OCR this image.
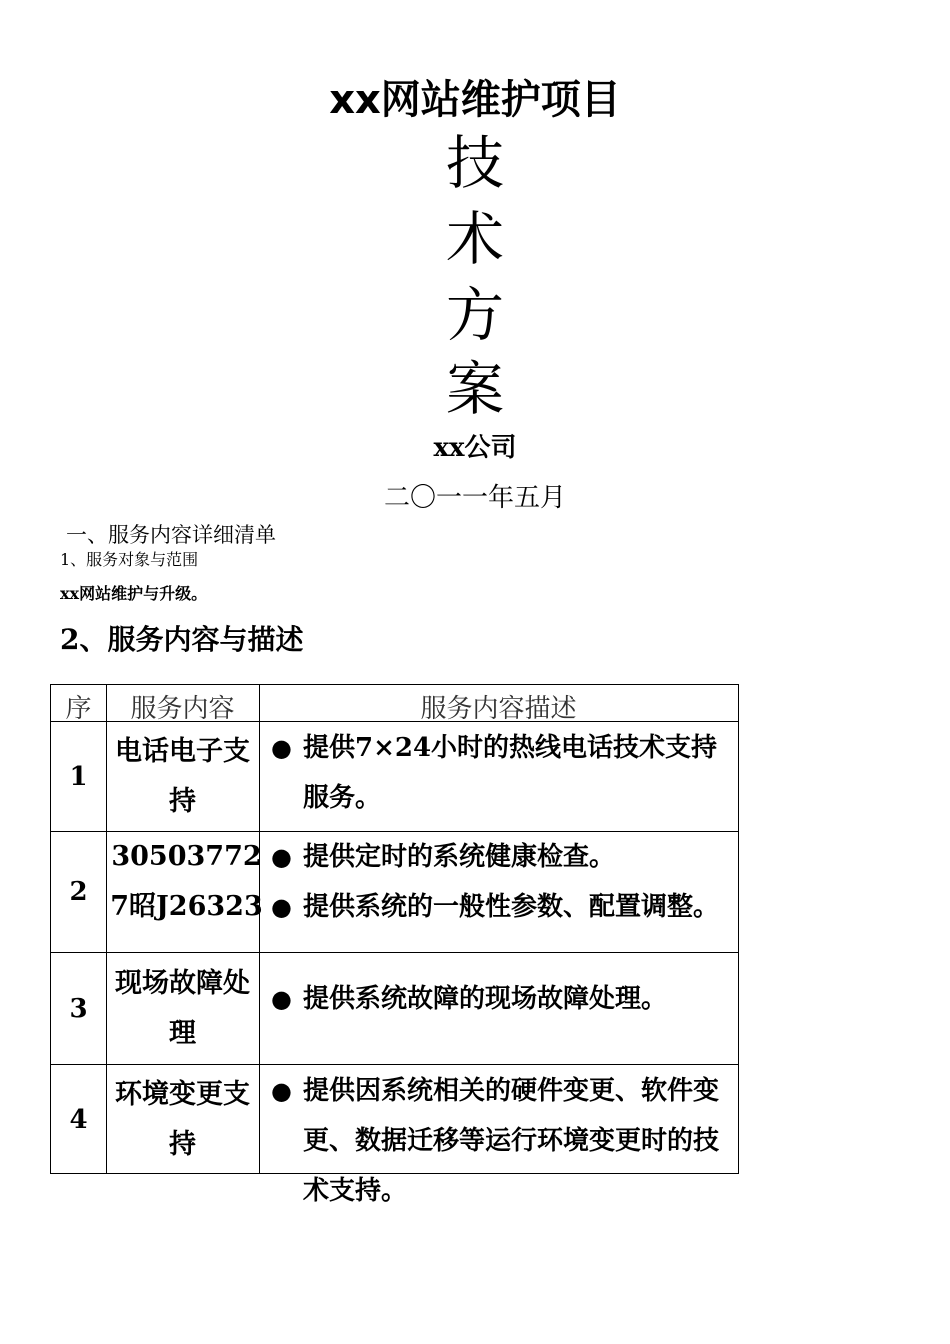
xx网站维护项目
技
术
方
案
xx公司
二〇一一年五月
一、服务内容详细清单
1、服务对象与范围
xx网站维护与升级。
2、服务内容与描述
序	服务内容	服务内容描述
1
电话电子支持
● 提供7×24小时的热线电话技术支持服务。
2
305037727昭J26323
● 提供定时的系统健康检查。
● 提供系统的一般性参数、配置调整。
3
现场故障处理
● 提供系统故障的现场故障处理。
4
环境变更支持
● 提供因系统相关的硬件变更、软件变更、数据迁移等运行环境变更时的技术支持。
